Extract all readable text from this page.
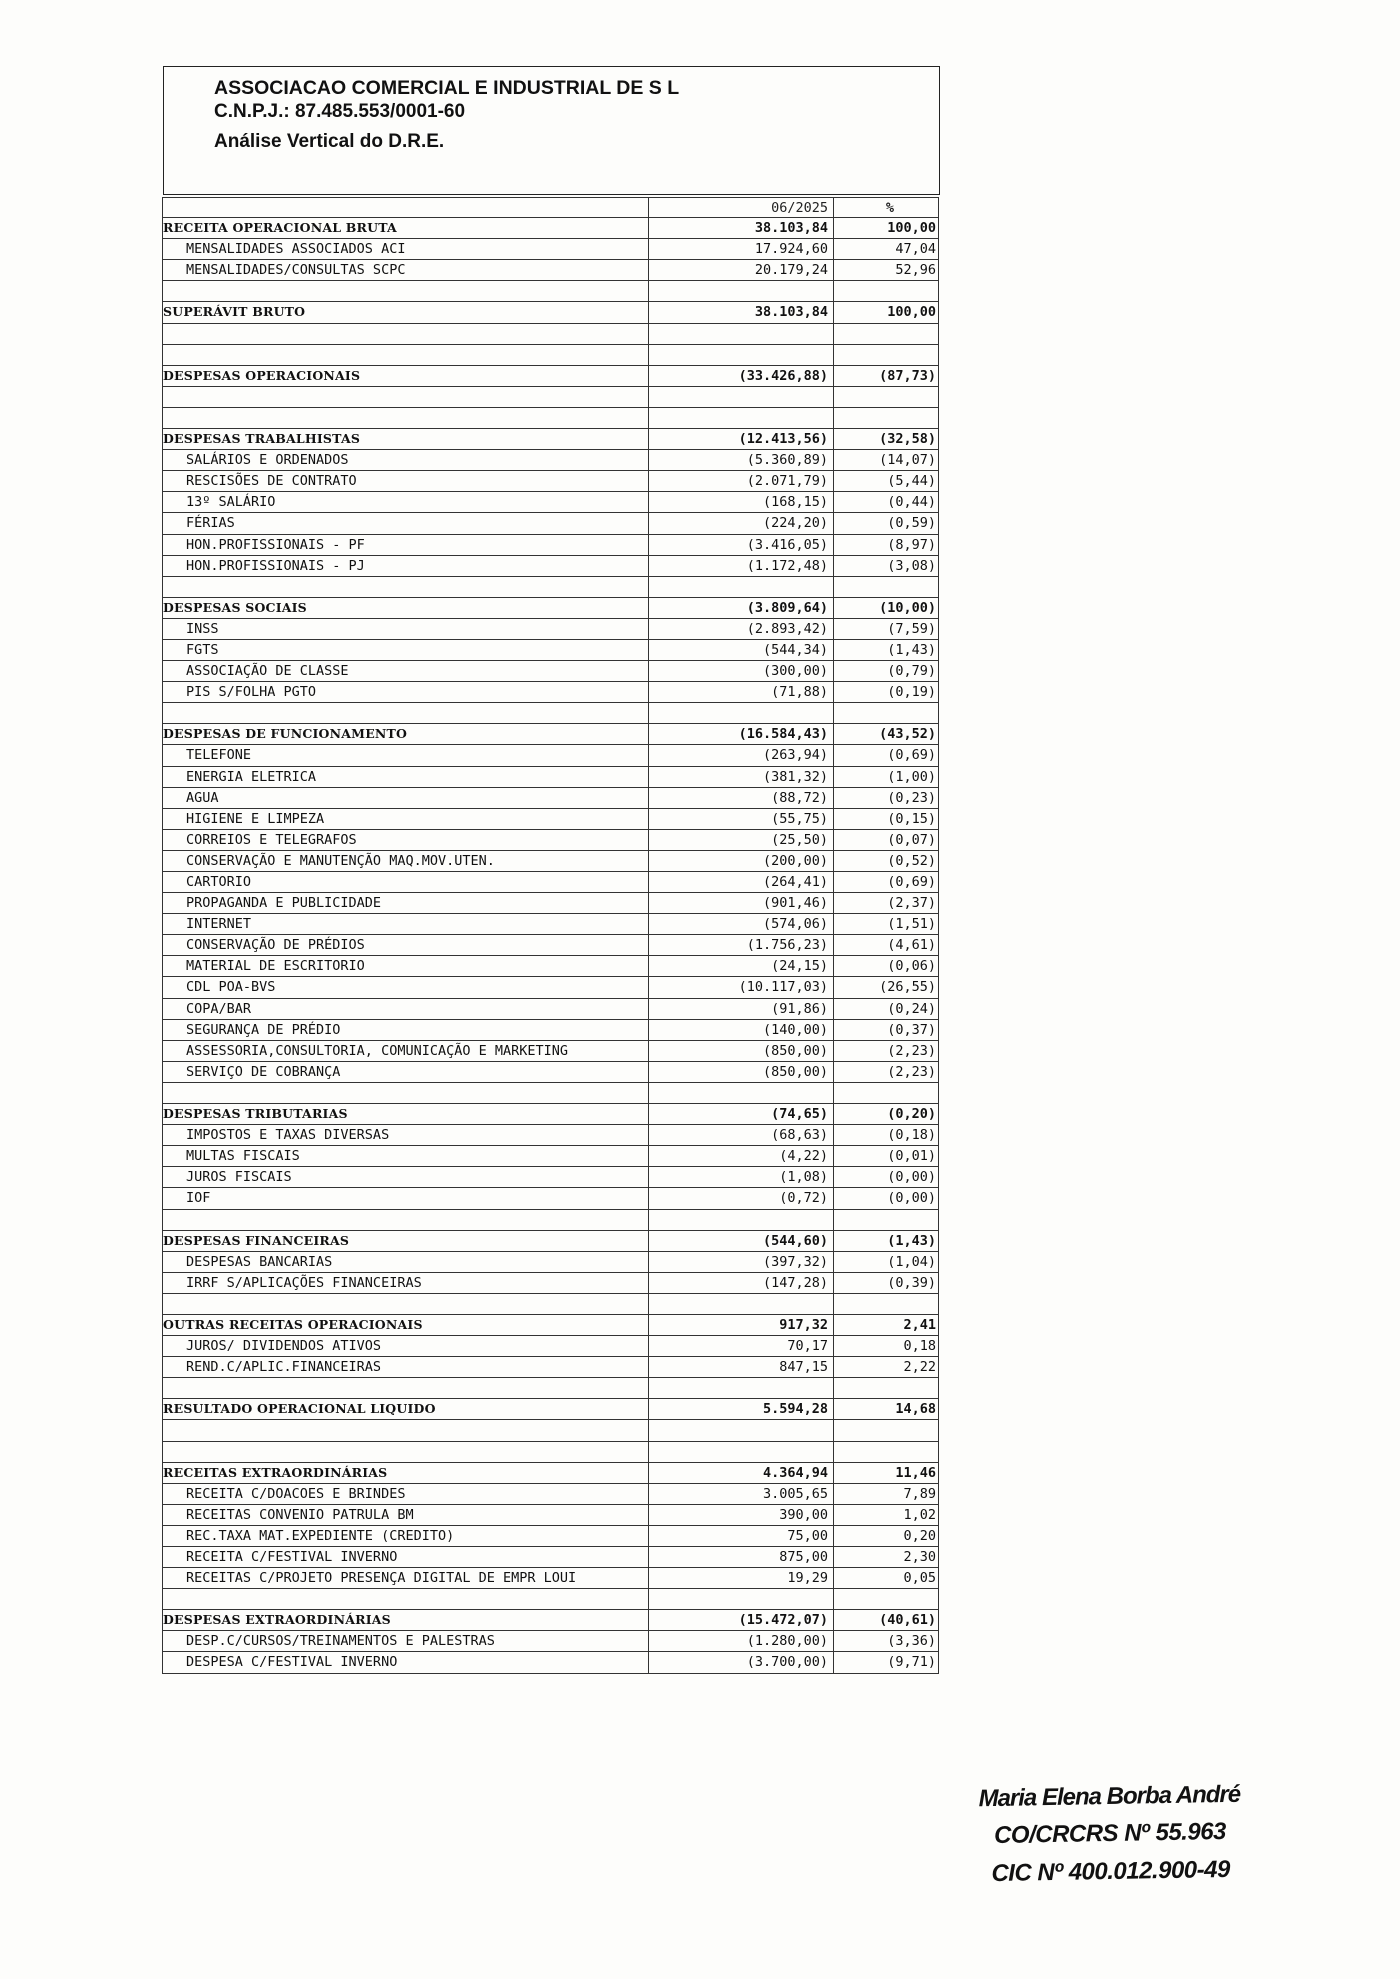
ASSOCIACAO COMERCIAL E INDUSTRIAL DE S L
C.N.P.J.: 87.485.553/0001-60
Análise Vertical do D.R.E.
06/2025	%
RECEITA OPERACIONAL BRUTA	38.103,84	100,00
MENSALIDADES ASSOCIADOS ACI	17.924,60	47,04
MENSALIDADES/CONSULTAS SCPC	20.179,24	52,96
SUPERÁVIT BRUTO	38.103,84	100,00
DESPESAS OPERACIONAIS	(33.426,88)	(87,73)
DESPESAS TRABALHISTAS	(12.413,56)	(32,58)
SALÁRIOS E ORDENADOS	(5.360,89)	(14,07)
RESCISÕES DE CONTRATO	(2.071,79)	(5,44)
13º SALÁRIO	(168,15)	(0,44)
FÉRIAS	(224,20)	(0,59)
HON.PROFISSIONAIS - PF	(3.416,05)	(8,97)
HON.PROFISSIONAIS - PJ	(1.172,48)	(3,08)
DESPESAS SOCIAIS	(3.809,64)	(10,00)
INSS	(2.893,42)	(7,59)
FGTS	(544,34)	(1,43)
ASSOCIAÇÃO DE CLASSE	(300,00)	(0,79)
PIS S/FOLHA PGTO	(71,88)	(0,19)
DESPESAS DE FUNCIONAMENTO	(16.584,43)	(43,52)
TELEFONE	(263,94)	(0,69)
ENERGIA ELETRICA	(381,32)	(1,00)
AGUA	(88,72)	(0,23)
HIGIENE E LIMPEZA	(55,75)	(0,15)
CORREIOS E TELEGRAFOS	(25,50)	(0,07)
CONSERVAÇÃO E MANUTENÇÃO MAQ.MOV.UTEN.	(200,00)	(0,52)
CARTORIO	(264,41)	(0,69)
PROPAGANDA E PUBLICIDADE	(901,46)	(2,37)
INTERNET	(574,06)	(1,51)
CONSERVAÇÃO DE PRÉDIOS	(1.756,23)	(4,61)
MATERIAL DE ESCRITORIO	(24,15)	(0,06)
CDL POA-BVS	(10.117,03)	(26,55)
COPA/BAR	(91,86)	(0,24)
SEGURANÇA DE PRÉDIO	(140,00)	(0,37)
ASSESSORIA,CONSULTORIA, COMUNICAÇÃO E MARKETING	(850,00)	(2,23)
SERVIÇO DE COBRANÇA	(850,00)	(2,23)
DESPESAS TRIBUTARIAS	(74,65)	(0,20)
IMPOSTOS E TAXAS DIVERSAS	(68,63)	(0,18)
MULTAS FISCAIS	(4,22)	(0,01)
JUROS FISCAIS	(1,08)	(0,00)
IOF	(0,72)	(0,00)
DESPESAS FINANCEIRAS	(544,60)	(1,43)
DESPESAS BANCARIAS	(397,32)	(1,04)
IRRF S/APLICAÇÕES FINANCEIRAS	(147,28)	(0,39)
OUTRAS RECEITAS OPERACIONAIS	917,32	2,41
JUROS/ DIVIDENDOS ATIVOS	70,17	0,18
REND.C/APLIC.FINANCEIRAS	847,15	2,22
RESULTADO OPERACIONAL LIQUIDO	5.594,28	14,68
RECEITAS EXTRAORDINÁRIAS	4.364,94	11,46
RECEITA C/DOACOES E BRINDES	3.005,65	7,89
RECEITAS CONVENIO PATRULA BM	390,00	1,02
REC.TAXA MAT.EXPEDIENTE (CREDITO)	75,00	0,20
RECEITA C/FESTIVAL INVERNO	875,00	2,30
RECEITAS C/PROJETO PRESENÇA DIGITAL DE EMPR LOUI	19,29	0,05
DESPESAS EXTRAORDINÁRIAS	(15.472,07)	(40,61)
DESP.C/CURSOS/TREINAMENTOS E PALESTRAS	(1.280,00)	(3,36)
DESPESA C/FESTIVAL INVERNO	(3.700,00)	(9,71)
Maria Elena Borba André
CO/CRCRS Nº 55.963
CIC Nº 400.012.900-49
